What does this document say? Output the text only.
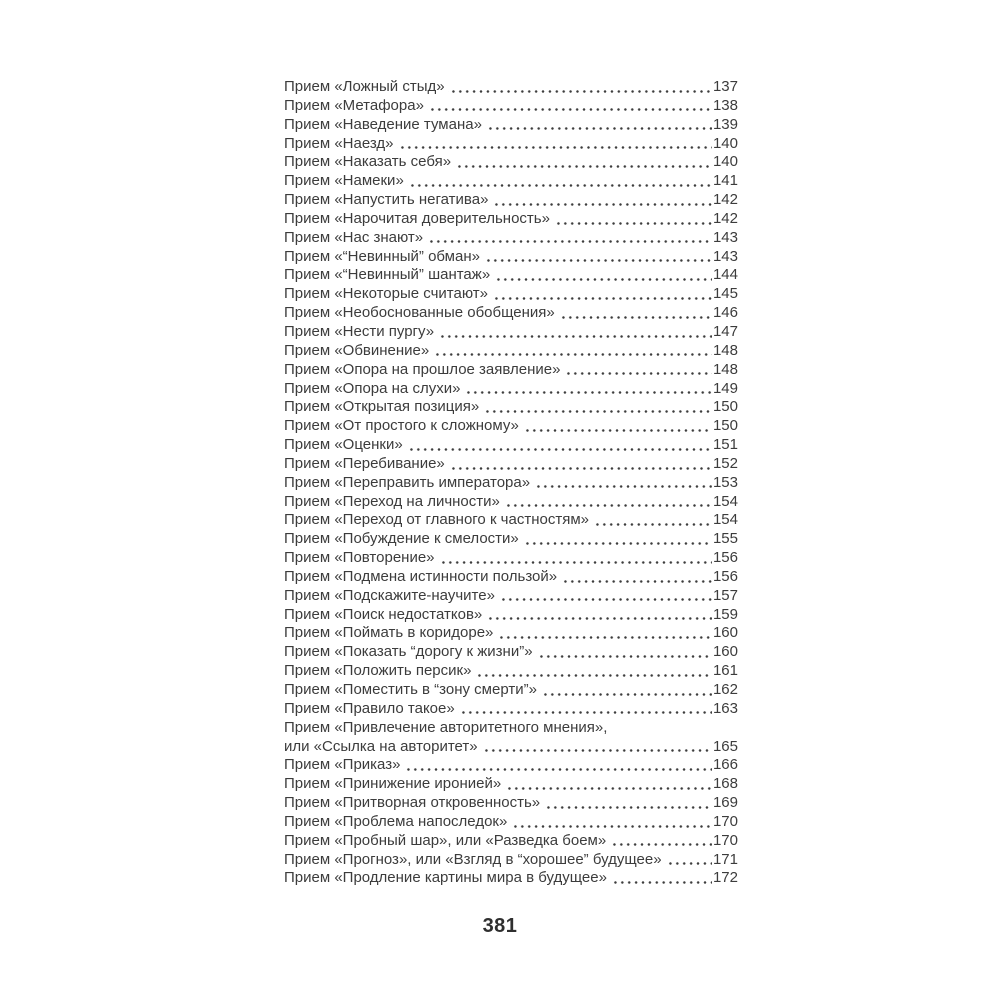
Прием «Ложный стыд»	137
Прием «Метафора»	138
Прием «Наведение тумана»	139
Прием «Наезд»	140
Прием «Наказать себя»	140
Прием «Намеки»	141
Прием «Напустить негатива»	142
Прием «Нарочитая доверительность»	142
Прием «Нас знают»	143
Прием «“Невинный” обман»	143
Прием «“Невинный” шантаж»	144
Прием «Некоторые считают»	145
Прием «Необоснованные обобщения»	146
Прием «Нести пургу»	147
Прием «Обвинение»	148
Прием «Опора на прошлое заявление»	148
Прием «Опора на слухи»	149
Прием «Открытая позиция»	150
Прием «От простого к сложному»	150
Прием «Оценки»	151
Прием «Перебивание»	152
Прием «Переправить императора»	153
Прием «Переход на личности»	154
Прием «Переход от главного к частностям»	154
Прием «Побуждение к смелости»	155
Прием «Повторение»	156
Прием «Подмена истинности пользой»	156
Прием «Подскажите-научите»	157
Прием «Поиск недостатков»	159
Прием «Поймать в коридоре»	160
Прием «Показать “дорогу к жизни”»	160
Прием «Положить персик»	161
Прием «Поместить в “зону смерти”»	162
Прием «Правило такое»	163
Прием «Привлечение авторитетного мнения»,
или «Ссылка на авторитет»	165
Прием «Приказ»	166
Прием «Принижение иронией»	168
Прием «Притворная откровенность»	169
Прием «Проблема напоследок»	170
Прием «Пробный шар», или «Разведка боем»	170
Прием «Прогноз», или «Взгляд в “хорошее” будущее»	171
Прием «Продление картины мира в будущее»	172
381
